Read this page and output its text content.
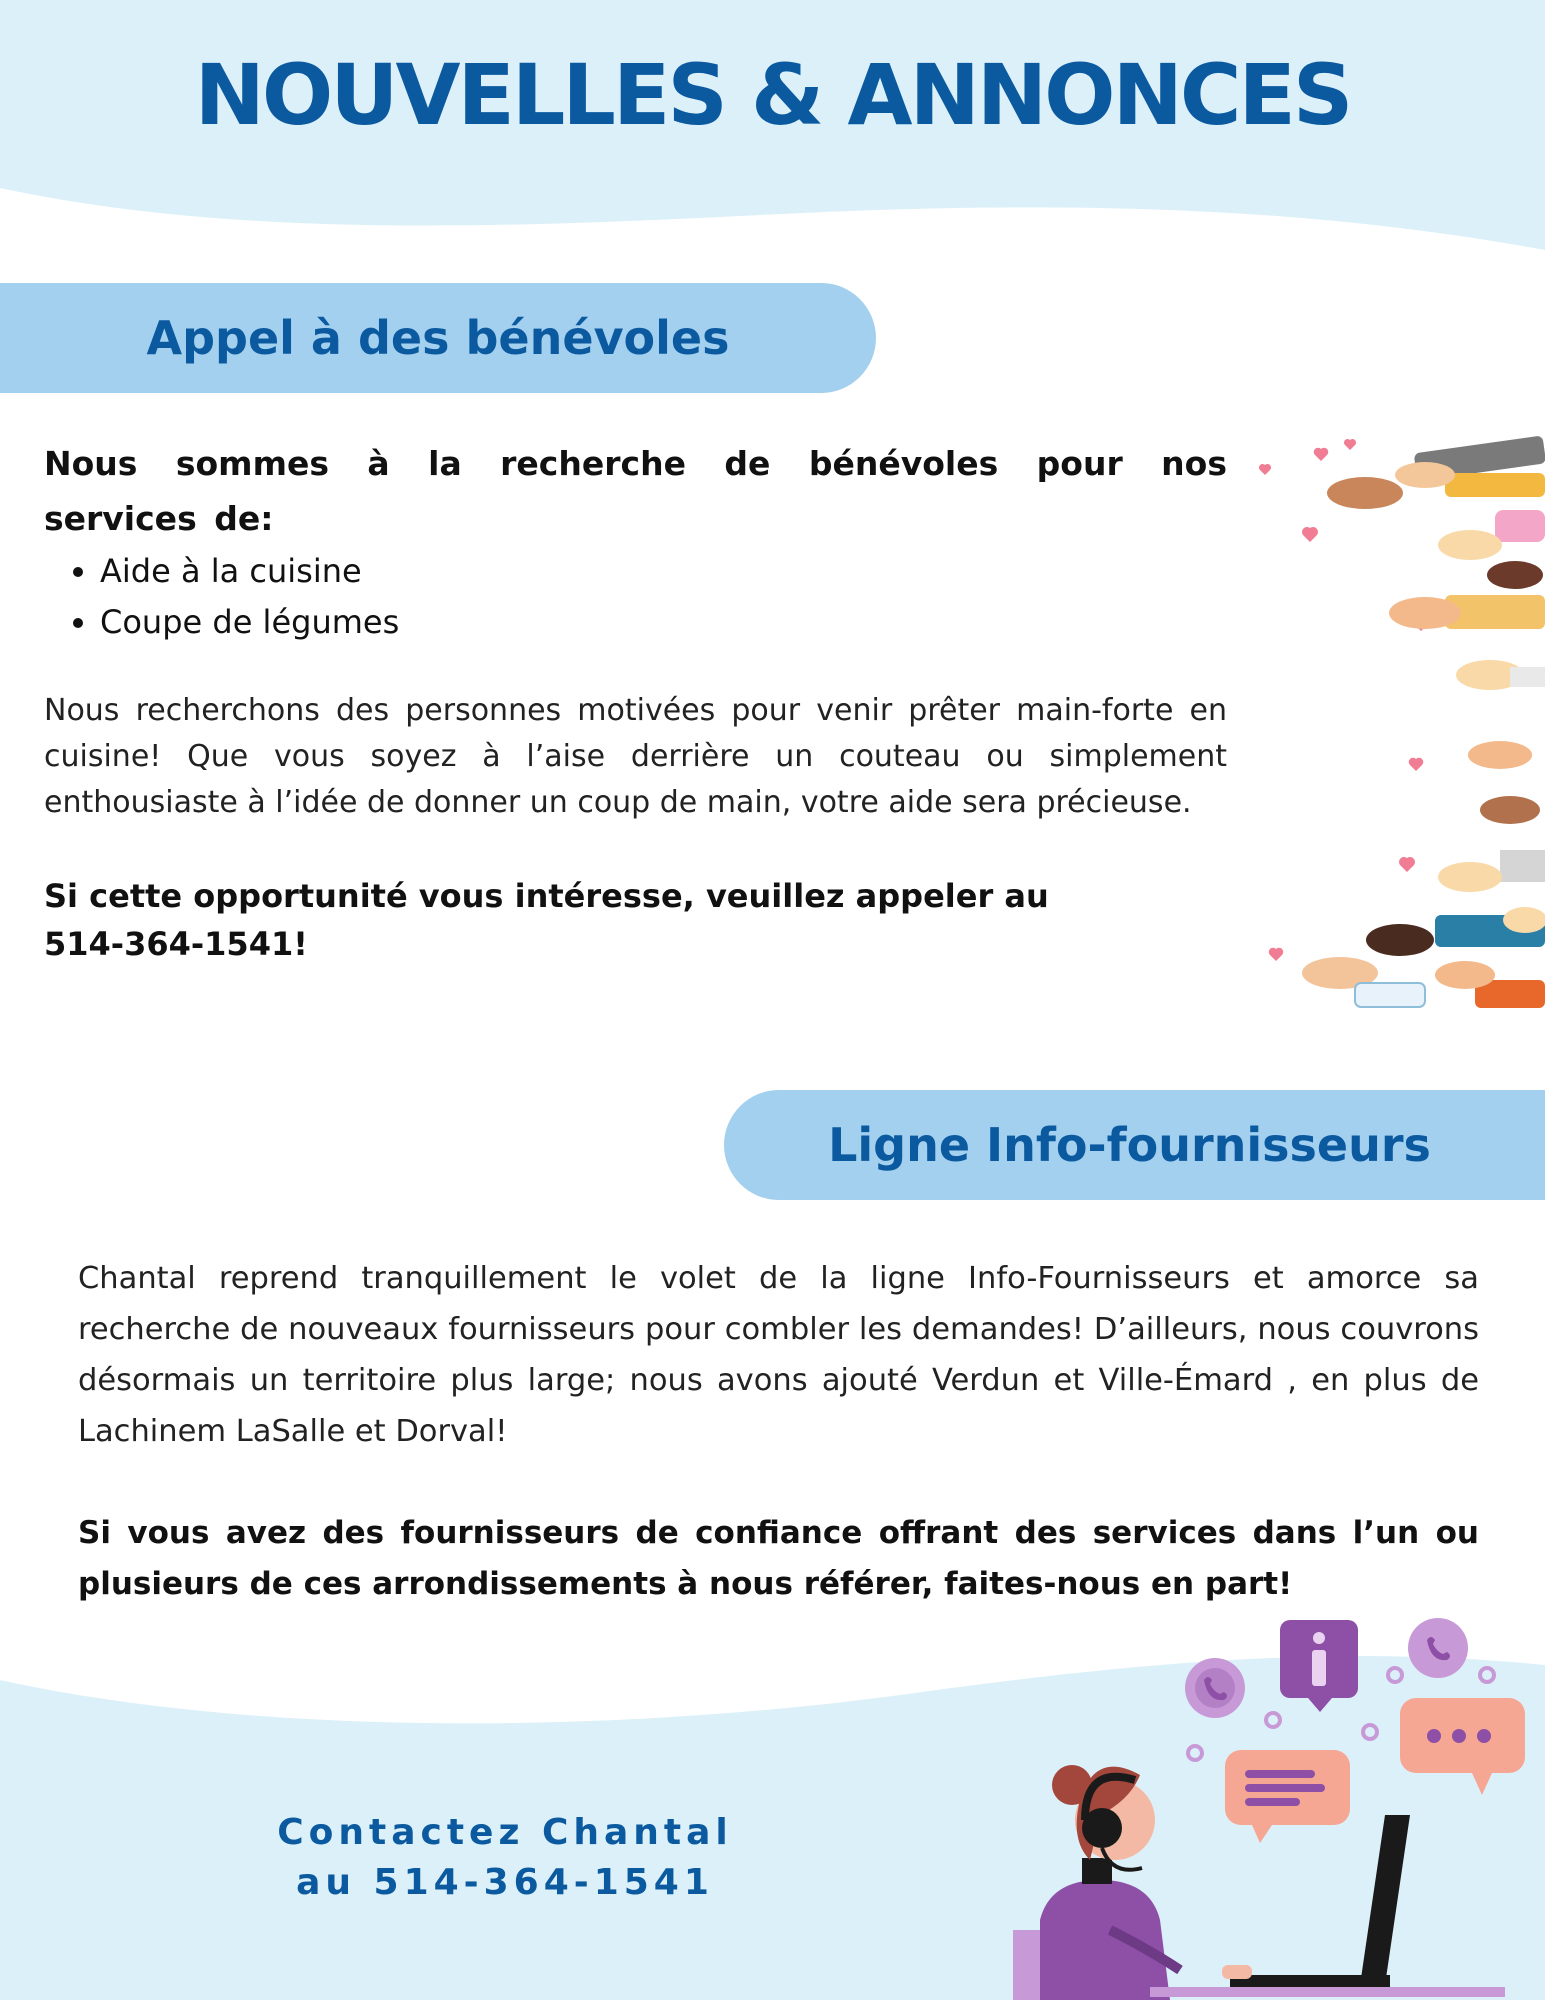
NOUVELLES & ANNONCES
Appel à des bénévoles

Nous sommes à la recherche de bénévoles pour nos services de:

• Aide à la cuisine
• Coupe de légumes

Nous recherchons des personnes motivées pour venir prêter main-forte en cuisine! Que vous soyez à l’aise derrière un couteau ou simplement enthousiaste à l’idée de donner un coup de main, votre aide sera précieuse.

Si cette opportunité vous intéresse, veuillez appeler au
514-364-1541!

Ligne Info-fournisseurs

Chantal reprend tranquillement le volet de la ligne Info-Fournisseurs et amorce sa recherche de nouveaux fournisseurs pour combler les demandes! D’ailleurs, nous couvrons désormais un territoire plus large; nous avons ajouté Verdun et Ville-Émard , en plus de Lachinem LaSalle et Dorval!

Si vous avez des fournisseurs de confiance offrant des services dans l’un ou plusieurs de ces arrondissements à nous référer, faites-nous en part!

Contactez Chantal
au 514-364-1541
